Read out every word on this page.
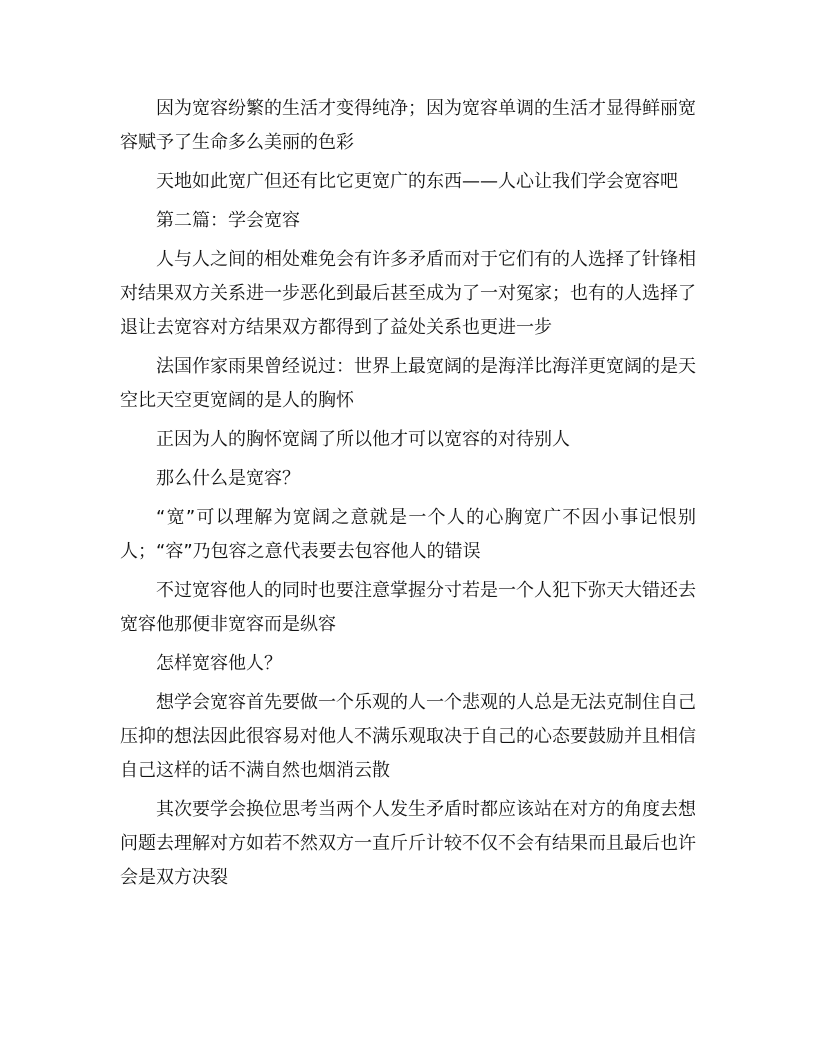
因为宽容纷繁的生活才变得纯净；因为宽容单调的生活才显得鲜丽宽容赋予了生命多么美丽的色彩

天地如此宽广但还有比它更宽广的东西——人心让我们学会宽容吧

第二篇：学会宽容

人与人之间的相处难免会有许多矛盾而对于它们有的人选择了针锋相对结果双方关系进一步恶化到最后甚至成为了一对冤家；也有的人选择了退让去宽容对方结果双方都得到了益处关系也更进一步

法国作家雨果曾经说过：世界上最宽阔的是海洋比海洋更宽阔的是天空比天空更宽阔的是人的胸怀

正因为人的胸怀宽阔了所以他才可以宽容的对待别人

那么什么是宽容？

“宽”可以理解为宽阔之意就是一个人的心胸宽广不因小事记恨别人；“容”乃包容之意代表要去包容他人的错误

不过宽容他人的同时也要注意掌握分寸若是一个人犯下弥天大错还去宽容他那便非宽容而是纵容

怎样宽容他人？

想学会宽容首先要做一个乐观的人一个悲观的人总是无法克制住自己压抑的想法因此很容易对他人不满乐观取决于自己的心态要鼓励并且相信自己这样的话不满自然也烟消云散

其次要学会换位思考当两个人发生矛盾时都应该站在对方的角度去想问题去理解对方如若不然双方一直斤斤计较不仅不会有结果而且最后也许会是双方决裂
